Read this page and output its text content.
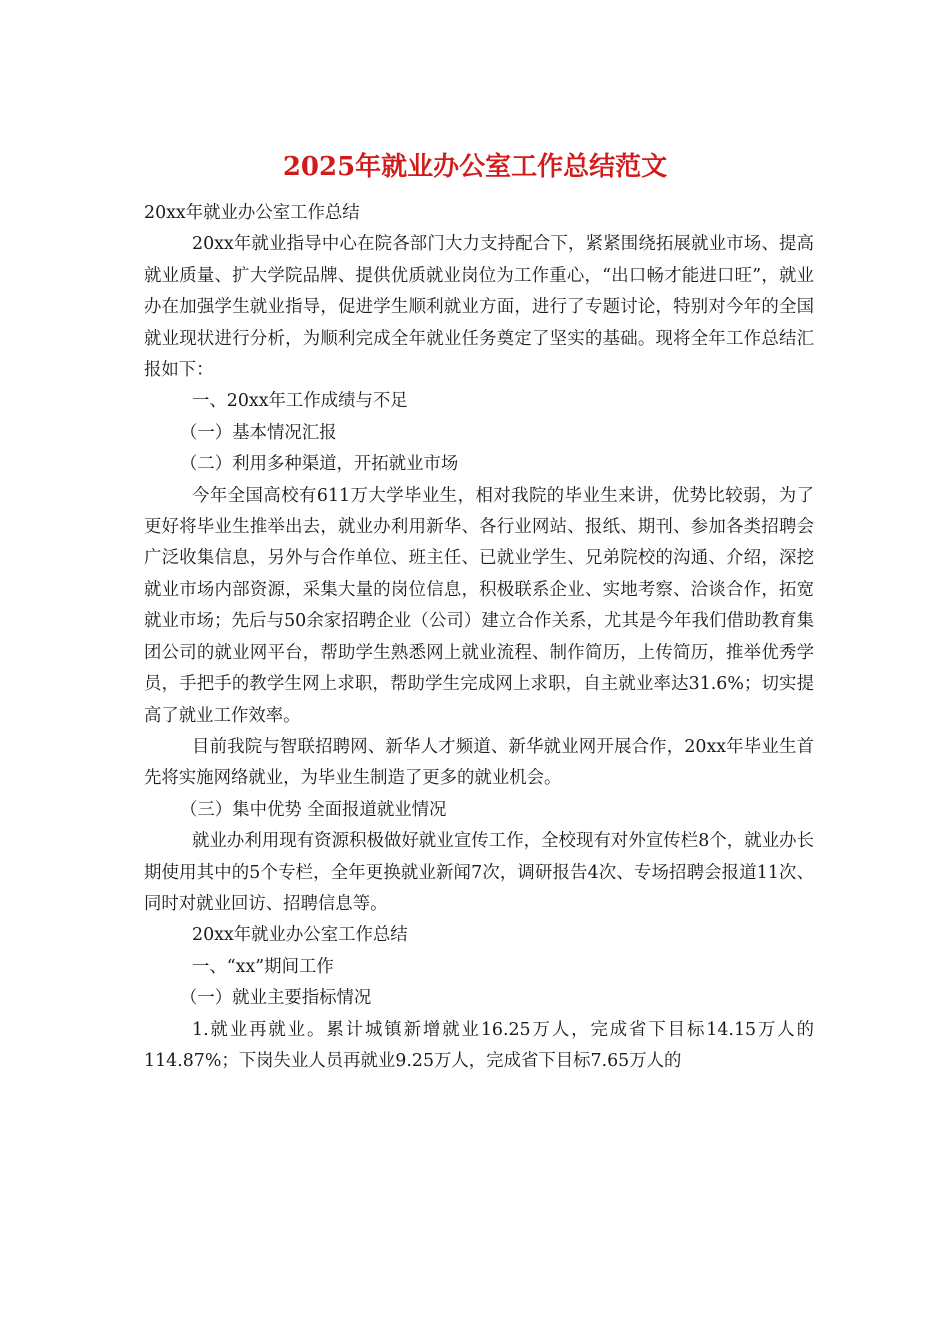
2025年就业办公室工作总结范文

20xx年就业办公室工作总结

20xx年就业指导中心在院各部门大力支持配合下，紧紧围绕拓展就业市场、提高就业质量、扩大学院品牌、提供优质就业岗位为工作重心，“出口畅才能进口旺”，就业办在加强学生就业指导，促进学生顺利就业方面，进行了专题讨论，特别对今年的全国就业现状进行分析，为顺利完成全年就业任务奠定了坚实的基础。现将全年工作总结汇报如下：

一、20xx年工作成绩与不足

（一）基本情况汇报

（二）利用多种渠道，开拓就业市场

今年全国高校有611万大学毕业生，相对我院的毕业生来讲，优势比较弱，为了更好将毕业生推举出去，就业办利用新华、各行业网站、报纸、期刊、参加各类招聘会广泛收集信息，另外与合作单位、班主任、已就业学生、兄弟院校的沟通、介绍，深挖就业市场内部资源，采集大量的岗位信息，积极联系企业、实地考察、洽谈合作，拓宽就业市场；先后与50余家招聘企业（公司）建立合作关系，尤其是今年我们借助教育集团公司的就业网平台，帮助学生熟悉网上就业流程、制作简历，上传简历，推举优秀学员，手把手的教学生网上求职，帮助学生完成网上求职，自主就业率达31.6%；切实提高了就业工作效率。

目前我院与智联招聘网、新华人才频道、新华就业网开展合作，20xx年毕业生首先将实施网络就业，为毕业生制造了更多的就业机会。

（三）集中优势 全面报道就业情况

就业办利用现有资源积极做好就业宣传工作，全校现有对外宣传栏8个，就业办长期使用其中的5个专栏，全年更换就业新闻7次，调研报告4次、专场招聘会报道11次、同时对就业回访、招聘信息等。

20xx年就业办公室工作总结

一、“xx”期间工作

（一）就业主要指标情况

1.就业再就业。累计城镇新增就业16.25万人，完成省下目标14.15万人的114.87%；下岗失业人员再就业9.25万人，完成省下目标7.65万人的
